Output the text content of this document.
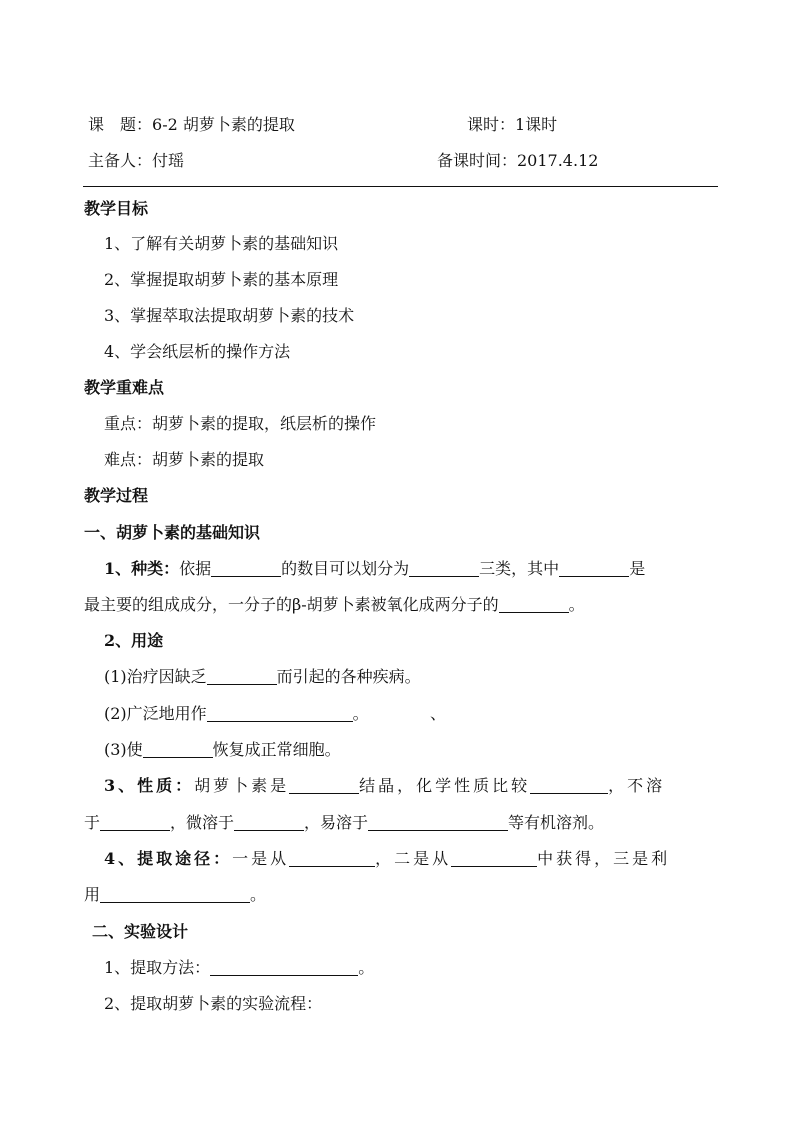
课　题：6-2 胡萝卜素的提取	课时：1课时
主备人：付瑶	备课时间：2017.4.12
教学目标
1、了解有关胡萝卜素的基础知识
2、掌握提取胡萝卜素的基本原理
3、掌握萃取法提取胡萝卜素的技术
4、学会纸层析的操作方法
教学重难点
重点：胡萝卜素的提取，纸层析的操作
难点：胡萝卜素的提取
教学过程
一、胡萝卜素的基础知识
1、种类：依据	的数目可以划分为	三类，其中	是
最主要的组成成分，一分子的β-胡萝卜素被氧化成两分子的	。
2、用途
(1)治疗因缺乏	而引起的各种疾病。
(2)广泛地用作	。	、
(3)使	恢复成正常细胞。
3、性质：胡萝卜素是	结晶，化学性质比较	，不溶
于	，微溶于	，易溶于	等有机溶剂。
4、提取途径：一是从	，二是从	中获得，三是利
用	。
二、实验设计
1、提取方法：	。
2、提取胡萝卜素的实验流程：
